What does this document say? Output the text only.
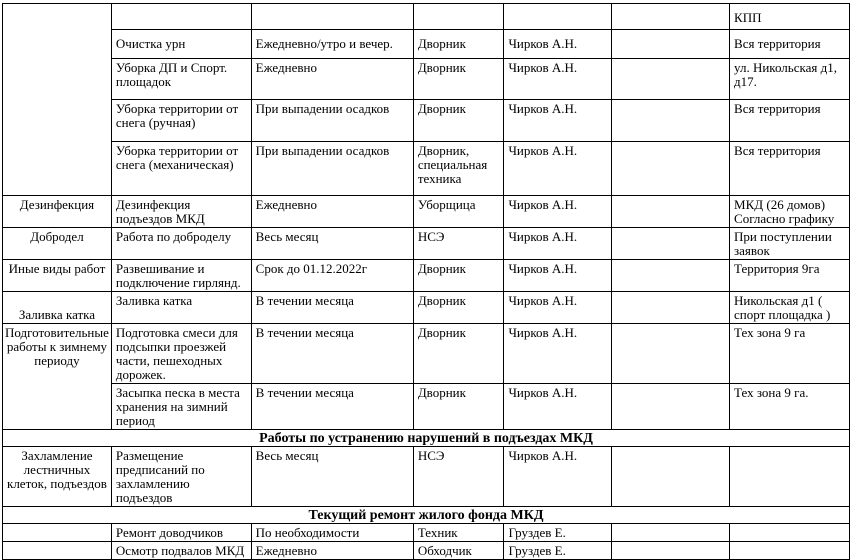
						КПП
	Очистка урн	Ежедневно/утро и вечер.	Дворник	Чирков А.Н.		Вся территория
	Уборка ДП и Спорт. площадок	Ежедневно	Дворник	Чирков А.Н.		ул. Никольская д1, д17.
	Уборка территории от снега (ручная)	При выпадении осадков	Дворник	Чирков А.Н.		Вся территория
	Уборка территории от снега (механическая)	При выпадении осадков	Дворник, специальная техника	Чирков А.Н.		Вся территория
Дезинфекция	Дезинфекция подъездов МКД	Ежедневно	Уборщица	Чирков А.Н.		МКД (26 домов) Согласно графику
Добродел	Работа по добpоделу	Весь месяц	НСЭ	Чирков А.Н.		При поступлении заявок
Иные виды работ	Развешивание и подключение гирлянд.	Срок до 01.12.2022г	Дворник	Чирков А.Н.		Территория 9га
Заливка катка	Заливка катка	В течении месяца	Дворник	Чирков А.Н.		Никольская д1 ( спорт площадка )
Подготовительные работы к зимнему периоду	Подготовка смеси для подсыпки проезжей части, пешеходных дорожек.	В течении месяца	Дворник	Чирков А.Н.		Тех зона 9 га
	Засыпка песка в места хранения на зимний период	В течении месяца	Дворник	Чирков А.Н.		Тех зона 9 га.
Работы по устранению нарушений в подъездах МКД						
Захламление лестничных клеток, подъездов	Размещение предписаний по захламлению подъездов	Весь месяц	НСЭ	Чирков А.Н.		
Текущий ремонт жилого фонда МКД						
	Ремонт доводчиков	По необходимости	Техник	Груздев Е.		
	Осмотр подвалов МКД	Ежедневно	Обходчик	Груздев Е.		
